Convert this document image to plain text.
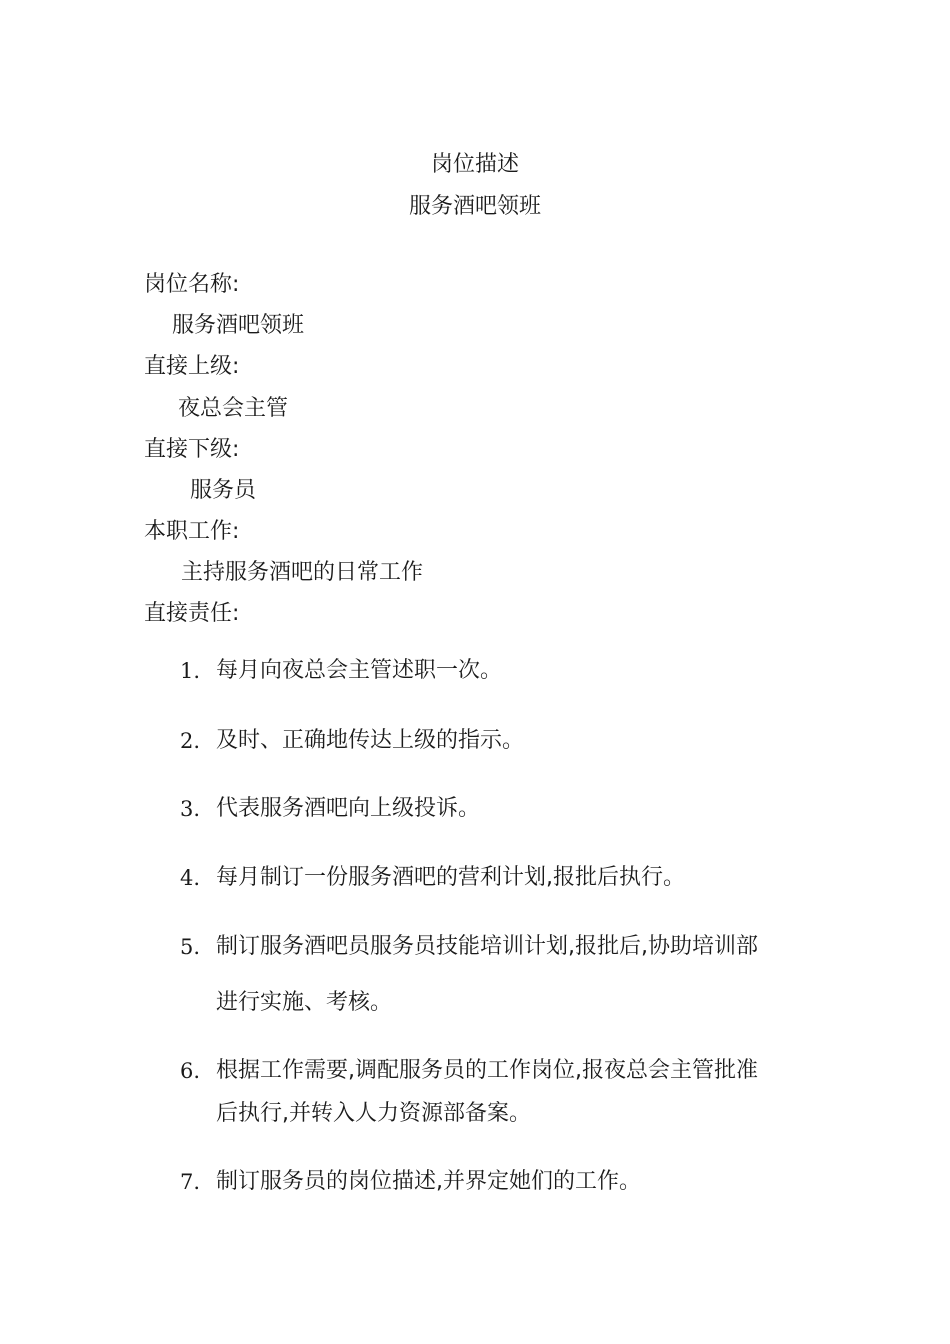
岗位描述
服务酒吧领班
岗位名称:
服务酒吧领班
直接上级:
夜总会主管
直接下级:
服务员
本职工作:
主持服务酒吧的日常工作
直接责任:
1. 每月向夜总会主管述职一次。
2. 及时、正确地传达上级的指示。
3. 代表服务酒吧向上级投诉。
4. 每月制订一份服务酒吧的营利计划,报批后执行。
5. 制订服务酒吧员服务员技能培训计划,报批后,协助培训部
进行实施、考核。
6. 根据工作需要,调配服务员的工作岗位,报夜总会主管批准
后执行,并转入人力资源部备案。
7. 制订服务员的岗位描述,并界定她们的工作。
